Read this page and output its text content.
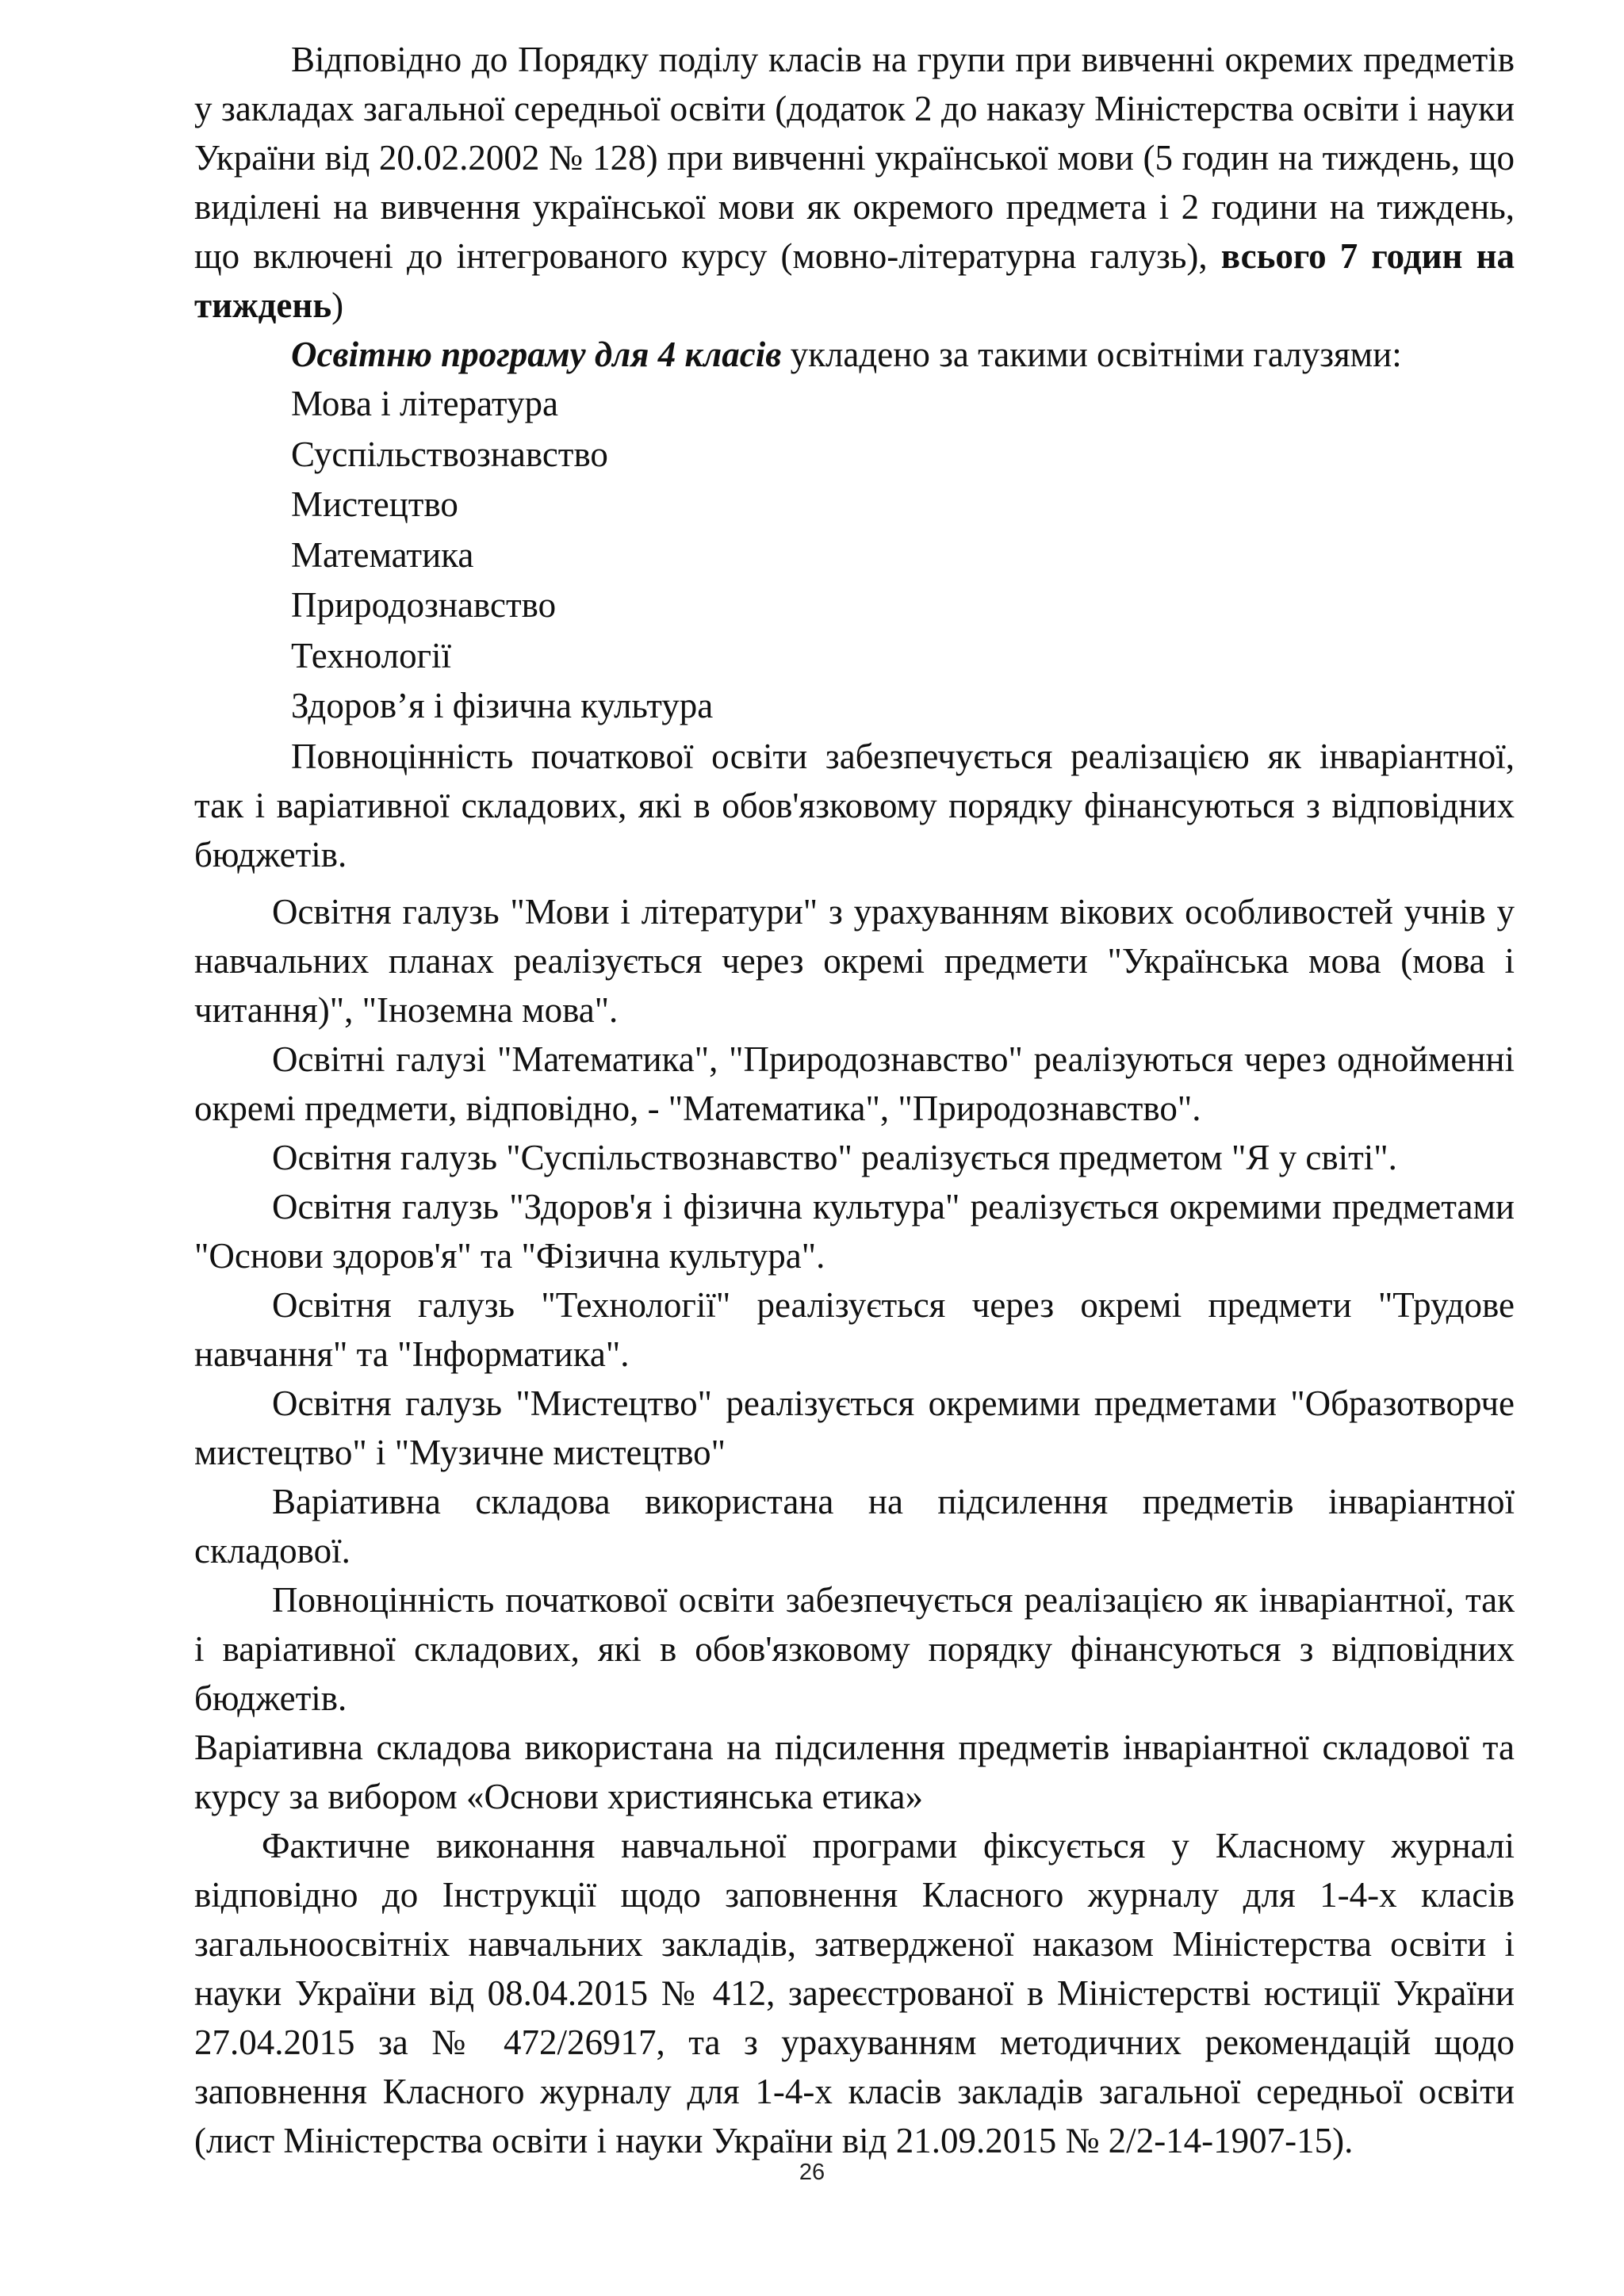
Відповідно до Порядку поділу класів на групи при вивченні окремих предметів у закладах загальної середньої освіти (додаток 2 до наказу Міністерства освіти і науки України від 20.02.2002 № 128) при вивченні української мови (5 годин на тиждень, що виділені на вивчення української мови як окремого предмета і 2 години на тиждень, що включені до інтегрованого курсу (мовно-літературна галузь), всього 7 годин на тиждень)

Освітню програму для 4 класів укладено за такими освітніми галузями:

Мова і література

Суспільствознавство

Мистецтво

Математика

Природознавство

Технології

Здоров’я і фізична культура

Повноцінність початкової освіти забезпечується реалізацією як інваріантної, так і варіативної складових, які в обов'язковому порядку фінансуються з відповідних бюджетів.

Освітня галузь "Мови і літератури" з урахуванням вікових особливостей учнів у навчальних планах реалізується через окремі предмети "Українська мова (мова і читання)", "Іноземна мова".

Освітні галузі "Математика", "Природознавство" реалізуються через однойменні окремі предмети, відповідно, - "Математика", "Природознавство".

Освітня галузь "Суспільствознавство" реалізується предметом "Я у світі".

Освітня галузь "Здоров'я і фізична культура" реалізується окремими предметами "Основи здоров'я" та "Фізична культура".

Освітня галузь "Технології" реалізується через окремі предмети "Трудове навчання" та "Інформатика".

Освітня галузь "Мистецтво" реалізується окремими предметами "Образотворче мистецтво" і "Музичне мистецтво"

Варіативна складова використана на підсилення предметів інваріантної складової.

Повноцінність початкової освіти забезпечується реалізацією як інваріантної, так і варіативної складових, які в обов'язковому порядку фінансуються з відповідних бюджетів.

Варіативна складова використана на підсилення предметів інваріантної складової та курсу за вибором «Основи християнська етика»

Фактичне виконання навчальної програми фіксується у Класному журналі відповідно до Інструкції щодо заповнення Класного журналу для 1-4-х класів загальноосвітніх навчальних закладів, затвердженої наказом Міністерства освіти і науки України від 08.04.2015 № 412, зареєстрованої в Міністерстві юстиції України 27.04.2015 за № 472/26917, та з урахуванням методичних рекомендацій щодо заповнення Класного журналу для 1-4-х класів закладів загальної середньої освіти (лист Міністерства освіти і науки України від 21.09.2015 № 2/2-14-1907-15).

26
